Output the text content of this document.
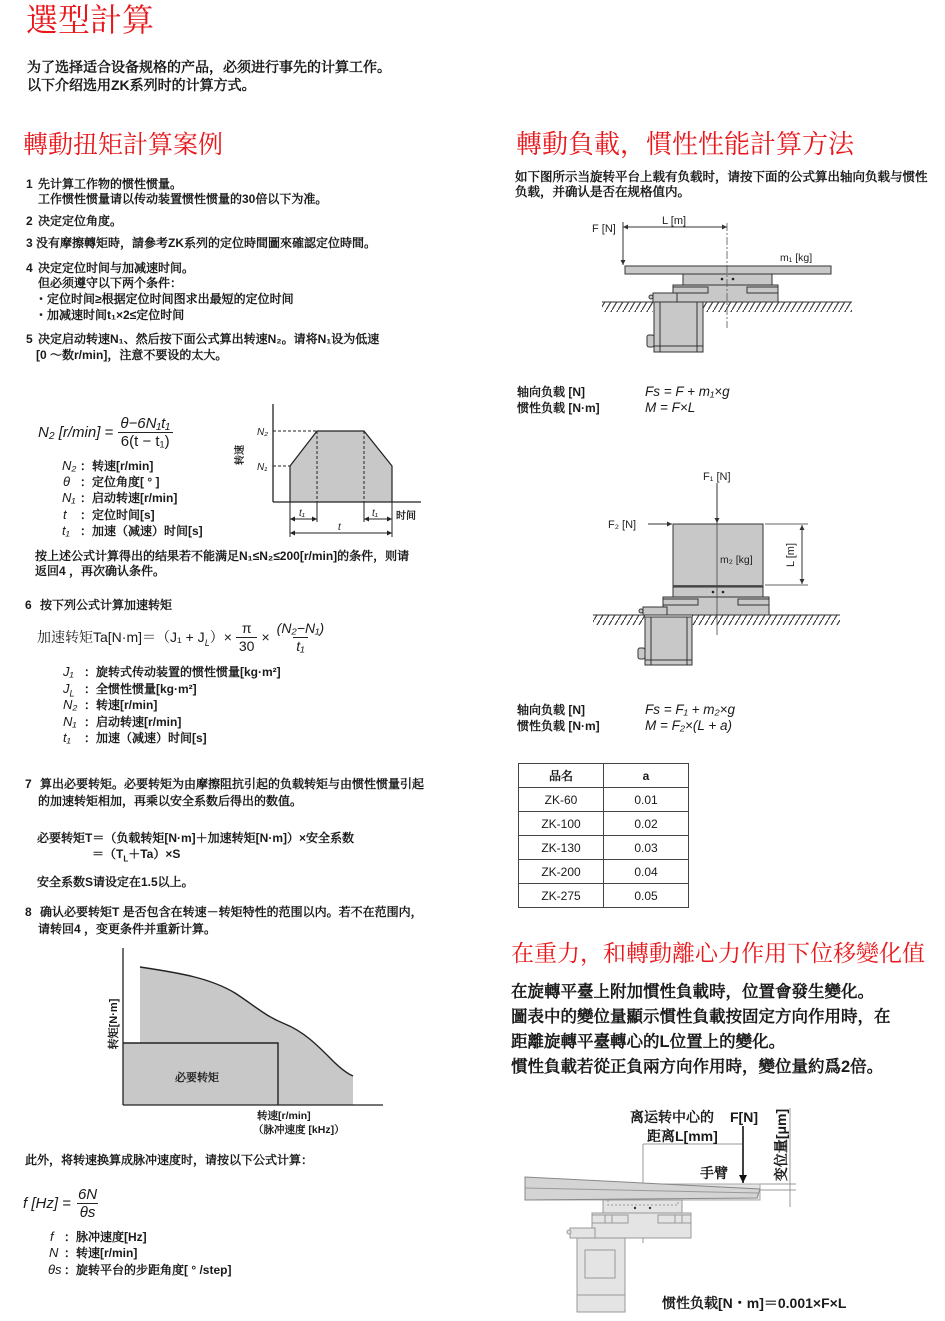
選型計算
为了选择适合设备规格的产品，必须进行事先的计算工作。
以下介绍选用ZK系列时的计算方式。
轉動扭矩計算案例
1 先计算工作物的惯性惯量。
工作惯性惯量请以传动装置惯性惯量的30倍以下为准。
2 决定定位角度。
3 没有摩擦轉矩時，請參考ZK系列的定位時間圖來確認定位時間。
4 决定定位时间与加减速时间。
但必须遵守以下两个条件：
・定位时间≥根据定位时间图求出最短的定位时间
・加减速时间t₁×2≤定位时间
5 决定启动转速N₁、然后按下面公式算出转速N₂。请将N₁设为低速
[0 ～数r/min]，注意不要设的太大。
N₂ $[r/\min] = \frac{\text{θ−6N₁t₁}}{\text{6(t − t₁)}}$
N₂ ：转速[r/min]
θ ：定位角度[ ° ]
N₁ ：启动转速[r/min]
t ：定位时间[s]
t₁ ：加速（减速）时间[s]
N₂
N₁
t₁	t₁
t
时间
转速
按上述公式计算得出的结果若不能满足N₁≤N₂≤200[r/min]的条件，则请
返回4 ，再次确认条件。
6 按下列公式计算加速转矩
加速转矩$Ta[N\cdot m]=(J_1 + J_L)\times \frac{\pi}{30} \times \frac{\text{(N₂−N₁)}}{\text{t₁}}$
J₁ ：旋转式传动装置的惯性惯量[kg·m²]
$J_L$ ：全惯性惯量[kg·m²]
N₂ ：转速[r/min]
N₁ ：启动转速[r/min]
t₁ ：加速（减速）时间[s]
7 算出必要转矩。必要转矩为由摩擦阻抗引起的负载转矩与由惯性惯量引起
的加速转矩相加，再乘以安全系数后得出的数值。
必要转矩T＝（负载转矩[N·m]＋加速转矩[N·m]）×安全系数
$=(T_L+Ta)\times S$
安全系数S请设定在1.5以上。
8 确认必要转矩T 是否包含在转速－转矩特性的范围以内。若不在范围内，
请转回4 ，变更条件并重新计算。
必要转矩
转矩[N·m]
转速[r/min]
（脉冲速度 [kHz]）
此外，将转速换算成脉冲速度时，请按以下公式计算：
f $[Hz] = \frac{6N}{\theta s}$
f ：脉冲速度[Hz]
N ：转速[r/min]
θs ：旋转平台的步距角度[ ° /step]
轉動負載，慣性性能計算方法
如下图所示当旋转平台上载有负载时，请按下面的公式算出轴向负载与惯性
负载，并确认是否在规格值内。
F [N]
L [m]
m₁ [kg]
轴向负载 [N]	Fs = F + m₁×g
惯性负载 [N·m]	M = F×L
F₁ [N]
F₂ [N]
m₂ [kg]	L [m]
轴向负载 [N]	Fs = F₁ + m₂×g
惯性负载 [N·m]	M = F₂×(L + a)
品名	a
ZK-60	0.01
ZK-100	0.02
ZK-130	0.03
ZK-200	0.04
ZK-275	0.05
在重力，和轉動離心力作用下位移變化值
在旋轉平臺上附加慣性負載時，位置會發生變化。
圖表中的變位量顯示慣性負載按固定方向作用時，在
距離旋轉平臺轉心的L位置上的變化。
慣性負載若從正負兩方向作用時，變位量約爲2倍。
离运转中心的
距离L[mm]
F[N]
手臂	变位量[μm]
惯性负载[N・m]＝0.001×F×L
